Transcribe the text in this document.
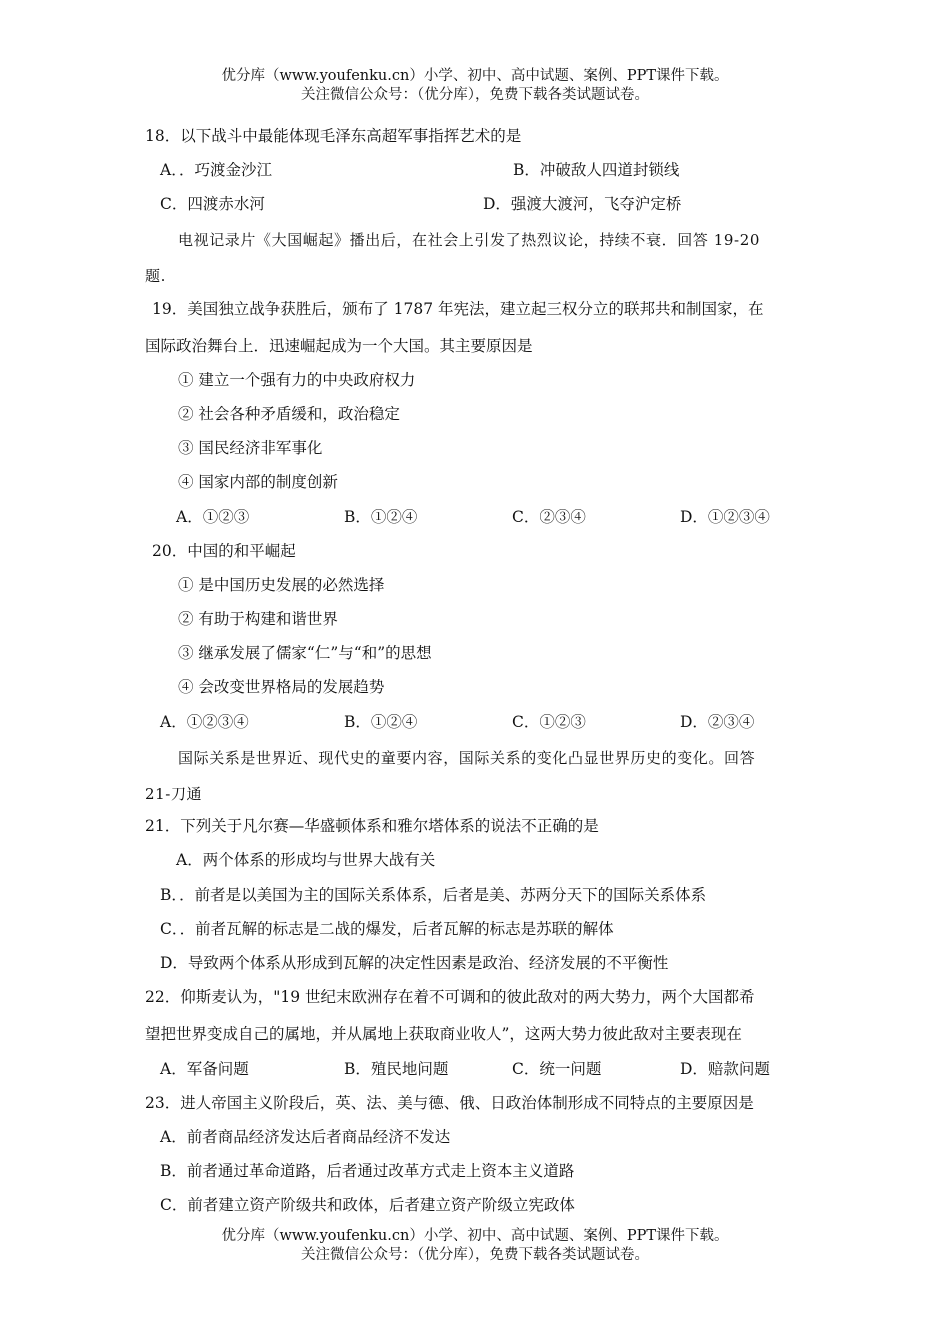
优分库（www.youfenku.cn）小学、初中、高中试题、案例、PPT课件下载。
关注微信公众号：（优分库），免费下载各类试题试卷。
18．以下战斗中最能体现毛泽东高超军事指挥艺术的是
A．．巧渡金沙江	B．冲破敌人四道封锁线
C．四渡赤水河	D．强渡大渡河，飞夺沪定桥
电视记录片《大国崛起》播出后，在社会上引发了热烈议论，持续不衰．回答 19-20
题.
19．美国独立战争获胜后，颁布了 1787 年宪法，建立起三权分立的联邦共和制国家，在
国际政治舞台上．迅速崛起成为一个大国。其主要原因是
① 建立一个强有力的中央政府权力
② 社会各种矛盾缓和，政治稳定
③ 国民经济非军事化
④ 国家内部的制度创新
A．①②③	B．①②④	C．②③④	D．①②③④
20．中国的和平崛起
① 是中国历史发展的必然选择
② 有助于构建和谐世界
③ 继承发展了儒家“仁”与“和”的思想
④ 会改变世界格局的发展趋势
A．①②③④	B．①②④	C．①②③	D．②③④
国际关系是世界近、现代史的童要内容，国际关系的变化凸显世界历史的变化。回答
21-刀通
21．下列关于凡尔赛—华盛顿体系和雅尔塔体系的说法不正确的是
A．两个体系的形成均与世界大战有关
B．．前者是以美国为主的国际关系体系，后者是美、苏两分天下的国际关系体系
C．．前者瓦解的标志是二战的爆发，后者瓦解的标志是苏联的解体
D．导致两个体系从形成到瓦解的决定性因素是政治、经济发展的不平衡性
22．仰斯麦认为，"19 世纪末欧洲存在着不可调和的彼此敌对的两大势力，两个大国都希
望把世界变成自己的属地，并从属地上获取商业收人”，这两大势力彼此敌对主要表现在
A．军备问题	B．殖民地问题	C．统一问题	D．赔款问题
23．进人帝国主义阶段后，英、法、美与德、俄、日政治体制形成不同特点的主要原因是
A．前者商品经济发达后者商品经济不发达
B．前者通过革命道路，后者通过改革方式走上资本主义道路
C．前者建立资产阶级共和政体，后者建立资产阶级立宪政体
优分库（www.youfenku.cn）小学、初中、高中试题、案例、PPT课件下载。
关注微信公众号：（优分库），免费下载各类试题试卷。
